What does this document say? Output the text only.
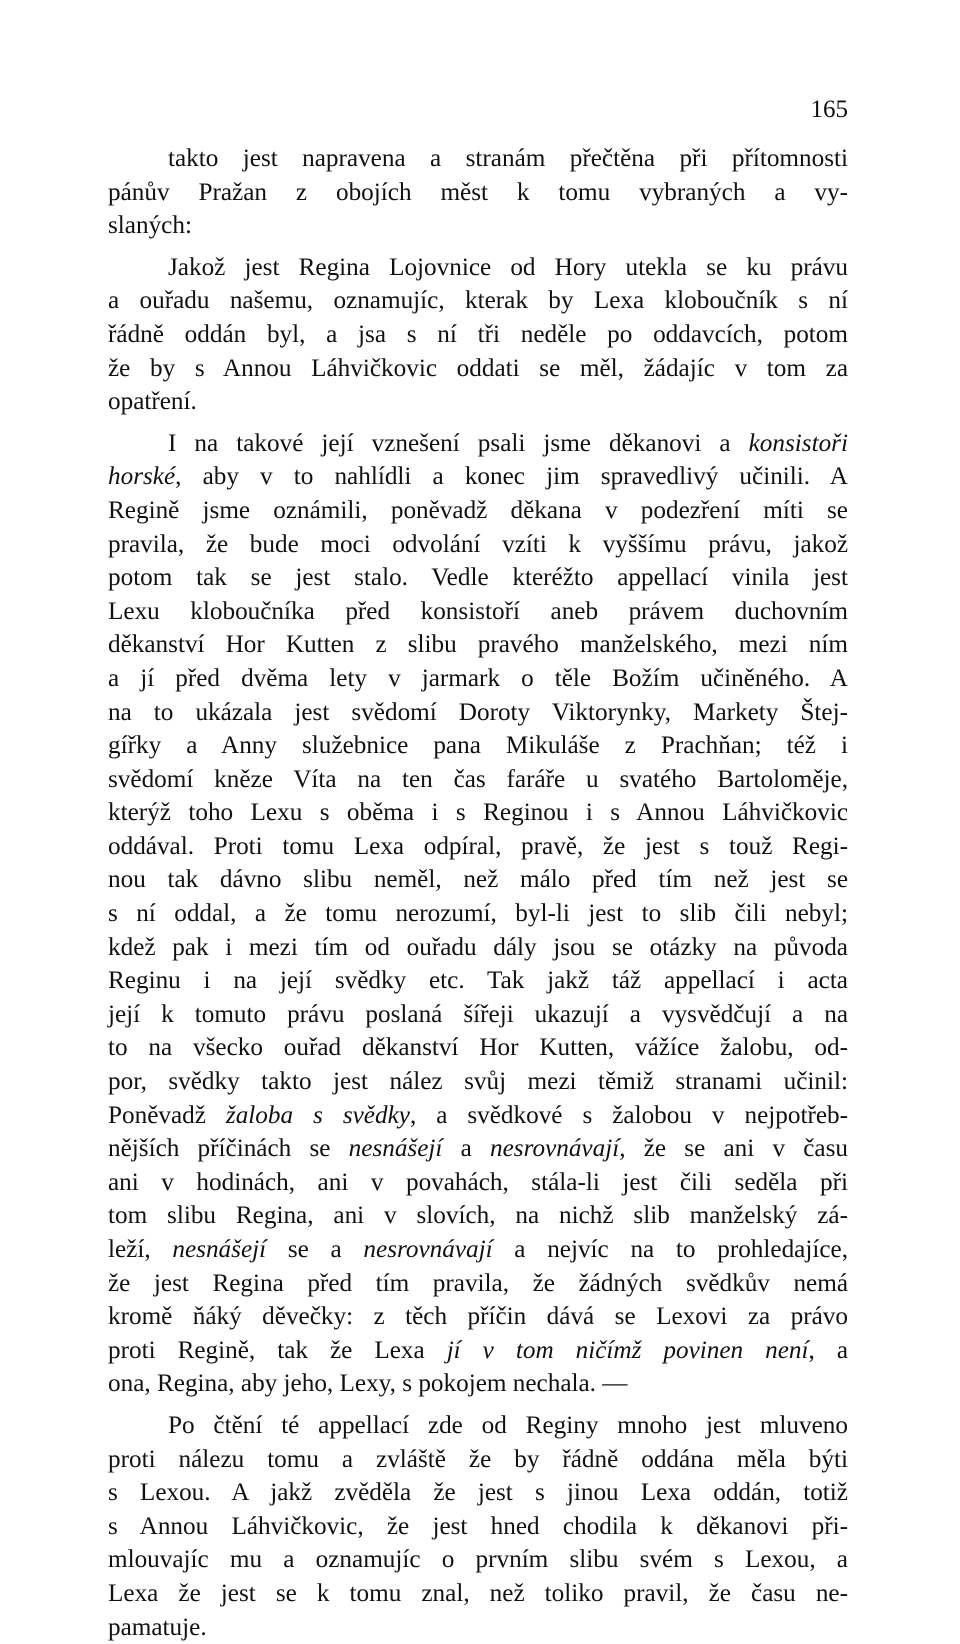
165
takto jest napravena a stranám přečtěna při přítomnosti
pánův Pražan z obojích měst k tomu vybraných a vy-
slaných:
Jakož jest Regina Lojovnice od Hory utekla se ku právu
a ouřadu našemu, oznamujíc, kterak by Lexa kloboučník s ní
řádně oddán byl, a jsa s ní tři neděle po oddavcích, potom
že by s Annou Láhvičkovic oddati se měl, žádajíc v tom za
opatření.
I na takové její vznešení psali jsme děkanovi a konsistoři
horské, aby v to nahlídli a konec jim spravedlivý učinili. A
Regině jsme oznámili, poněvadž děkana v podezření míti se
pravila, že bude moci odvolání vzíti k vyššímu právu, jakož
potom tak se jest stalo. Vedle kteréžto appellací vinila jest
Lexu kloboučníka před konsistoří aneb právem duchovním
děkanství Hor Kutten z slibu pravého manželského, mezi ním
a jí před dvěma lety v jarmark o těle Božím učiněného. A
na to ukázala jest svědomí Doroty Viktorynky, Markety Štej-
gířky a Anny služebnice pana Mikuláše z Prachňan; též i
svědomí kněze Víta na ten čas faráře u svatého Bartoloměje,
kterýž toho Lexu s oběma i s Reginou i s Annou Láhvičkovic
oddával. Proti tomu Lexa odpíral, pravě, že jest s touž Regi-
nou tak dávno slibu neměl, než málo před tím než jest se
s ní oddal, a že tomu nerozumí, byl-li jest to slib čili nebyl;
kdež pak i mezi tím od ouřadu dály jsou se otázky na původa
Reginu i na její svědky etc. Tak jakž táž appellací i acta
její k tomuto právu poslaná šířeji ukazují a vysvědčují a na
to na všecko ouřad děkanství Hor Kutten, vážíce žalobu, od-
por, svědky takto jest nález svůj mezi těmiž stranami učinil:
Poněvadž žaloba s svědky, a svědkové s žalobou v nejpotřeb-
nějších příčinách se nesnášejí a nesrovnávají, že se ani v času
ani v hodinách, ani v povahách, stála-li jest čili seděla při
tom slibu Regina, ani v slovích, na nichž slib manželský zá-
leží, nesnášejí se a nesrovnávají a nejvíc na to prohledajíce,
že jest Regina před tím pravila, že žádných svědkův nemá
kromě ňáký děvečky: z těch příčin dává se Lexovi za právo
proti Regině, tak že Lexa jí v tom ničímž povinen není, a
ona, Regina, aby jeho, Lexy, s pokojem nechala. —
Po čtění té appellací zde od Reginy mnoho jest mluveno
proti nálezu tomu a zvláště že by řádně oddána měla býti
s Lexou. A jakž zvěděla že jest s jinou Lexa oddán, totiž
s Annou Láhvičkovic, že jest hned chodila k děkanovi při-
mlouvajíc mu a oznamujíc o prvním slibu svém s Lexou, a
Lexa že jest se k tomu znal, než toliko pravil, že času ne-
pamatuje.
